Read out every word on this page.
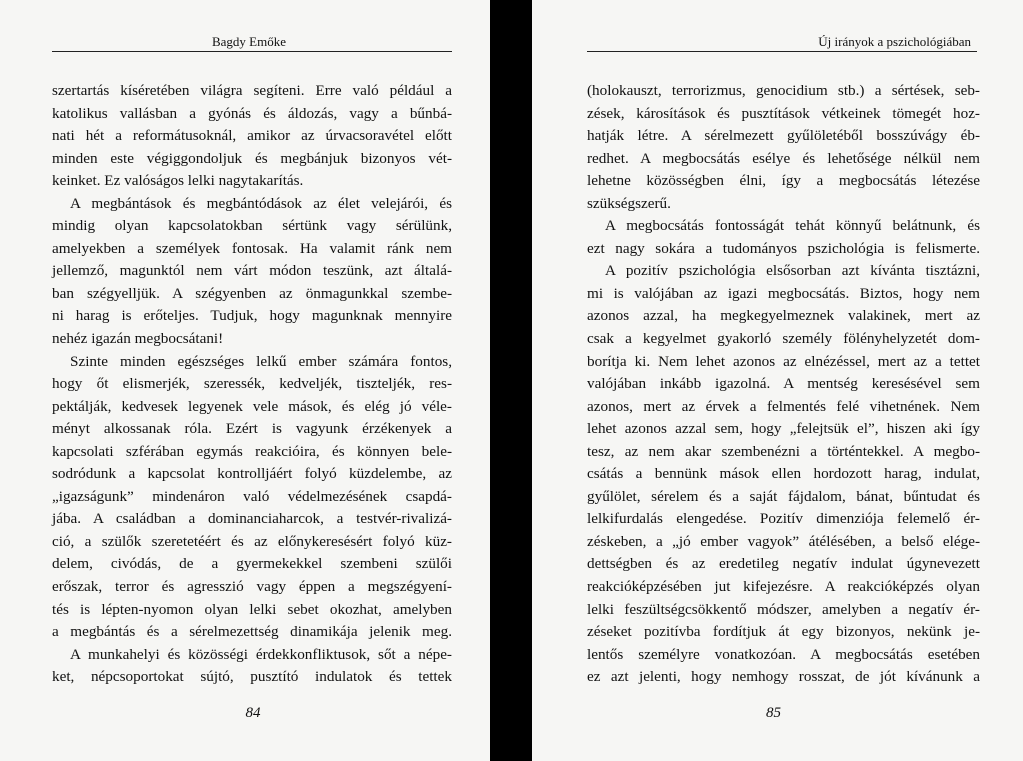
Bagdy Emőke
szertartás kíséretében világra segíteni. Erre való például a
katolikus vallásban a gyónás és áldozás, vagy a bűnbá-
nati hét a reformátusoknál, amikor az úrvacsoravétel előtt
minden este végiggondoljuk és megbánjuk bizonyos vét-
keinket. Ez valóságos lelki nagytakarítás.
A megbántások és megbántódások az élet velejárói, és
mindig olyan kapcsolatokban sértünk vagy sérülünk,
amelyekben a személyek fontosak. Ha valamit ránk nem
jellemző, magunktól nem várt módon teszünk, azt általá-
ban szégyelljük. A szégyenben az önmagunkkal szembe-
ni harag is erőteljes. Tudjuk, hogy magunknak mennyire
nehéz igazán megbocsátani!
Szinte minden egészséges lelkű ember számára fontos,
hogy őt elismerjék, szeressék, kedveljék, tiszteljék, res-
pektálják, kedvesek legyenek vele mások, és elég jó véle-
ményt alkossanak róla. Ezért is vagyunk érzékenyek a
kapcsolati szférában egymás reakcióira, és könnyen bele-
sodródunk a kapcsolat kontrolljáért folyó küzdelembe, az
„igazságunk” mindenáron való védelmezésének csapdá-
jába. A családban a dominanciaharcok, a testvér-rivalizá-
ció, a szülők szeretetéért és az előnykeresésért folyó küz-
delem, civódás, de a gyermekekkel szembeni szülői
erőszak, terror és agresszió vagy éppen a megszégyení-
tés is lépten-nyomon olyan lelki sebet okozhat, amelyben
a megbántás és a sérelmezettség dinamikája jelenik meg.
A munkahelyi és közösségi érdekkonfliktusok, sőt a népe-
ket, népcsoportokat sújtó, pusztító indulatok és tettek
84
Új irányok a pszichológiában
(holokauszt, terrorizmus, genocidium stb.) a sértések, seb-
zések, károsítások és pusztítások vétkeinek tömegét hoz-
hatják létre. A sérelmezett gyűlöletéből bosszúvágy éb-
redhet. A megbocsátás esélye és lehetősége nélkül nem
lehetne közösségben élni, így a megbocsátás létezése
szükségszerű.
A megbocsátás fontosságát tehát könnyű belátnunk, és
ezt nagy sokára a tudományos pszichológia is felismerte.
A pozitív pszichológia elsősorban azt kívánta tisztázni,
mi is valójában az igazi megbocsátás. Biztos, hogy nem
azonos azzal, ha megkegyelmeznek valakinek, mert az
csak a kegyelmet gyakorló személy fölényhelyzetét dom-
borítja ki. Nem lehet azonos az elnézéssel, mert az a tettet
valójában inkább igazolná. A mentség keresésével sem
azonos, mert az érvek a felmentés felé vihetnének. Nem
lehet azonos azzal sem, hogy „felejtsük el”, hiszen aki így
tesz, az nem akar szembenézni a történtekkel. A megbo-
csátás a bennünk mások ellen hordozott harag, indulat,
gyűlölet, sérelem és a saját fájdalom, bánat, bűntudat és
lelkifurdalás elengedése. Pozitív dimenziója felemelő ér-
zéskeben, a „jó ember vagyok” átélésében, a belső elége-
dettségben és az eredetileg negatív indulat úgynevezett
reakcióképzésében jut kifejezésre. A reakcióképzés olyan
lelki feszültségcsökkentő módszer, amelyben a negatív ér-
zéseket pozitívba fordítjuk át egy bizonyos, nekünk je-
lentős személyre vonatkozóan. A megbocsátás esetében
ez azt jelenti, hogy nemhogy rosszat, de jót kívánunk a
85
